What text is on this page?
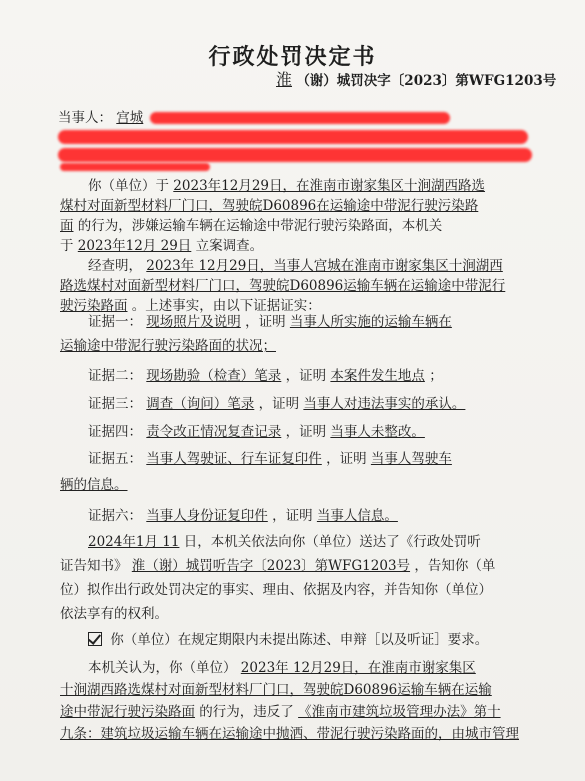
行政处罚决定书
淮 （谢）城罚决字〔2023〕第WFG1203号
当事人： 宫城
你（单位）于 2023年12月29日，在淮南市谢家集区十涧湖西路选
煤村对面新型材料厂门口，驾驶皖D60896在运输途中带泥行驶污染路
面 的行为，涉嫌运输车辆在运输途中带泥行驶污染路面，本机关
于 2023年12月 29日 立案调查。
经查明， 2023年 12月29日，当事人宫城在淮南市谢家集区十涧湖西
路选煤村对面新型材料厂门口，驾驶皖D60896运输车辆在运输途中带泥行
驶污染路面 。上述事实，由以下证据证实：
证据一： 现场照片及说明 ，证明 当事人所实施的运输车辆在
运输途中带泥行驶污染路面的状况；
证据二： 现场勘验（检查）笔录 ，证明 本案件发生地点 ；
证据三： 调查（询问）笔录 ，证明 当事人对违法事实的承认。
证据四： 责令改正情况复查记录 ，证明 当事人未整改。
证据五： 当事人驾驶证、行车证复印件 ，证明 当事人驾驶车
辆的信息。
证据六： 当事人身份证复印件 ，证明 当事人信息。
2024年1月 11 日，本机关依法向你（单位）送达了《行政处罚听
证告知书》 淮（谢）城罚听告字〔2023〕第WFG1203号 ，告知你（单
位）拟作出行政处罚决定的事实、理由、依据及内容，并告知你（单位）
依法享有的权利。
你（单位）在规定期限内未提出陈述、申辩［以及听证］要求。
本机关认为，你（单位） 2023年 12月29日，在淮南市谢家集区
十涧湖西路选煤村对面新型材料厂门口，驾驶皖D60896运输车辆在运输
途中带泥行驶污染路面 的行为，违反了 《淮南市建筑垃圾管理办法》第十
九条：建筑垃圾运输车辆在运输途中抛洒、带泥行驶污染路面的，由城市管理
